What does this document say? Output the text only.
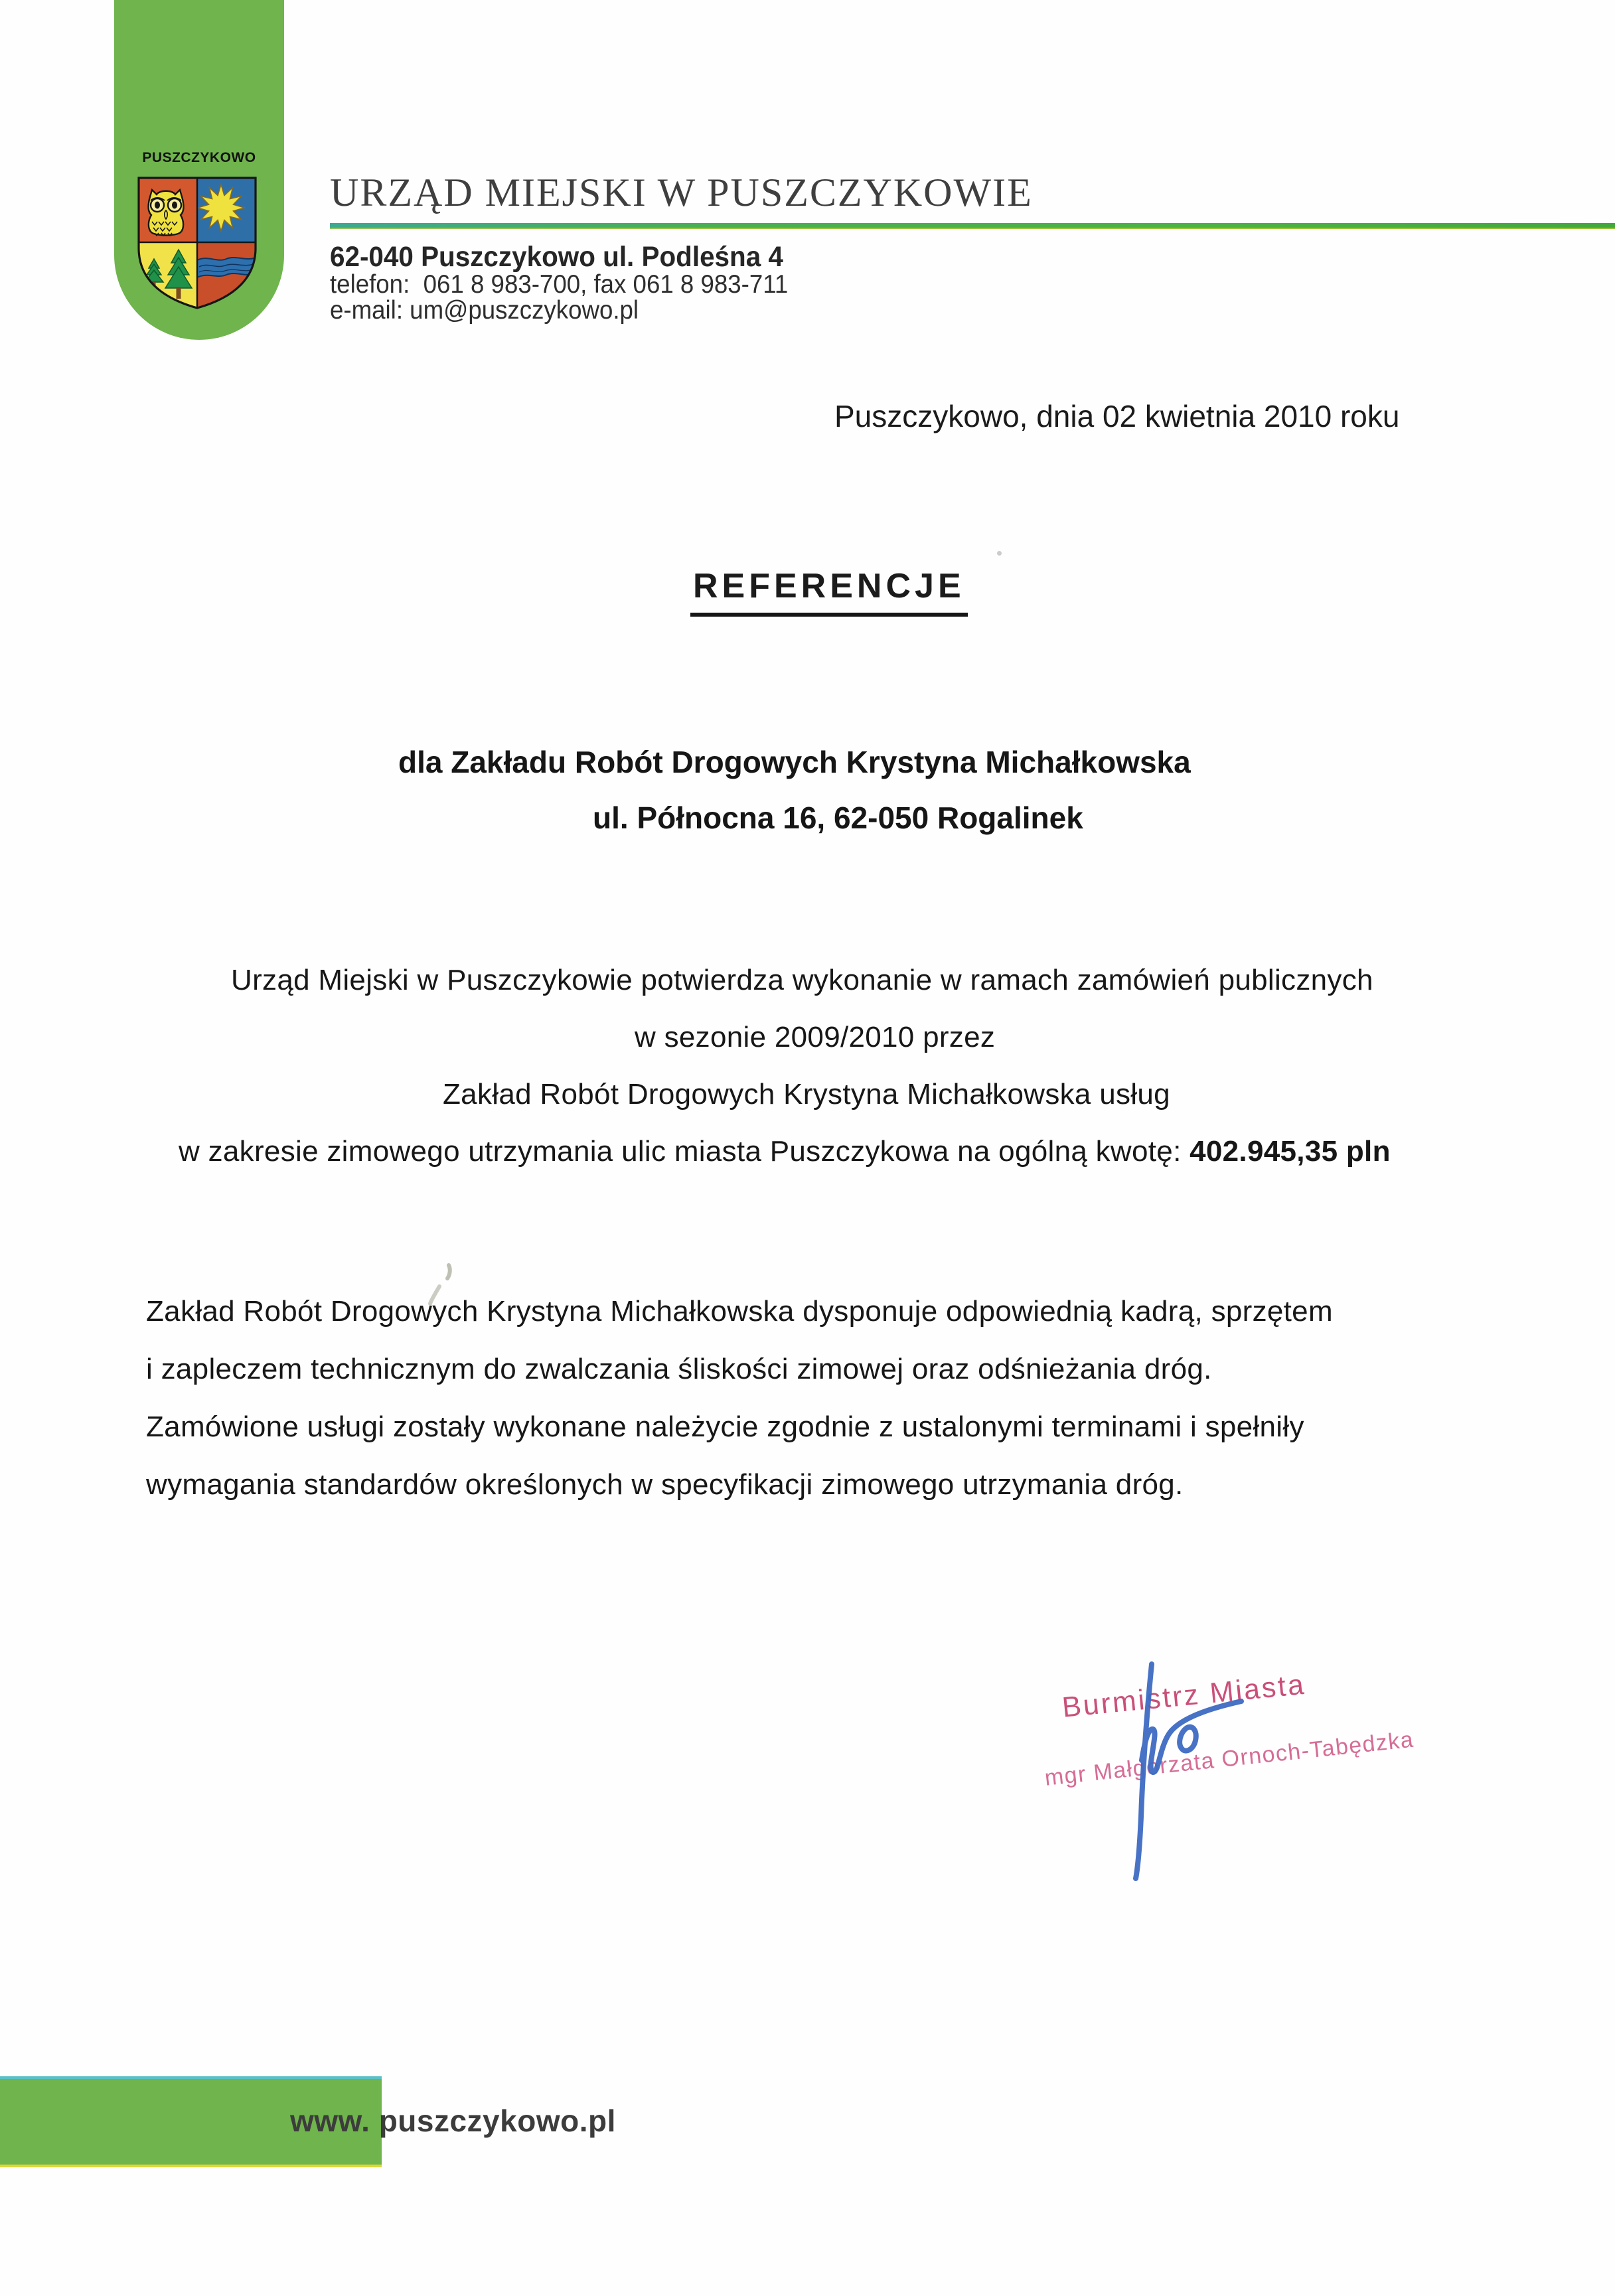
PUSZCZYKOWO
URZĄD MIEJSKI W PUSZCZYKOWIE
62-040 Puszczykowo ul. Podleśna 4
telefon:  061 8 983-700, fax 061 8 983-711
e-mail: um@puszczykowo.pl
Puszczykowo, dnia 02 kwietnia 2010 roku
REFERENCJE
dla Zakładu Robót Drogowych Krystyna Michałkowska
ul. Północna 16, 62-050 Rogalinek
Urząd Miejski w Puszczykowie potwierdza wykonanie w ramach zamówień publicznych
w sezonie 2009/2010 przez
Zakład Robót Drogowych Krystyna Michałkowska usług
w zakresie zimowego utrzymania ulic miasta Puszczykowa na ogólną kwotę: 402.945,35 pln
Zakład Robót Drogowych Krystyna Michałkowska dysponuje odpowiednią kadrą, sprzętem
i zapleczem technicznym do zwalczania śliskości zimowej oraz odśnieżania dróg.
Zamówione usługi zostały wykonane należycie zgodnie z ustalonymi terminami i spełniły
wymagania standardów określonych w specyfikacji zimowego utrzymania dróg.
Burmistrz Miasta
mgr Małgorzata Ornoch-Tabędzka
www. puszczykowo.pl
